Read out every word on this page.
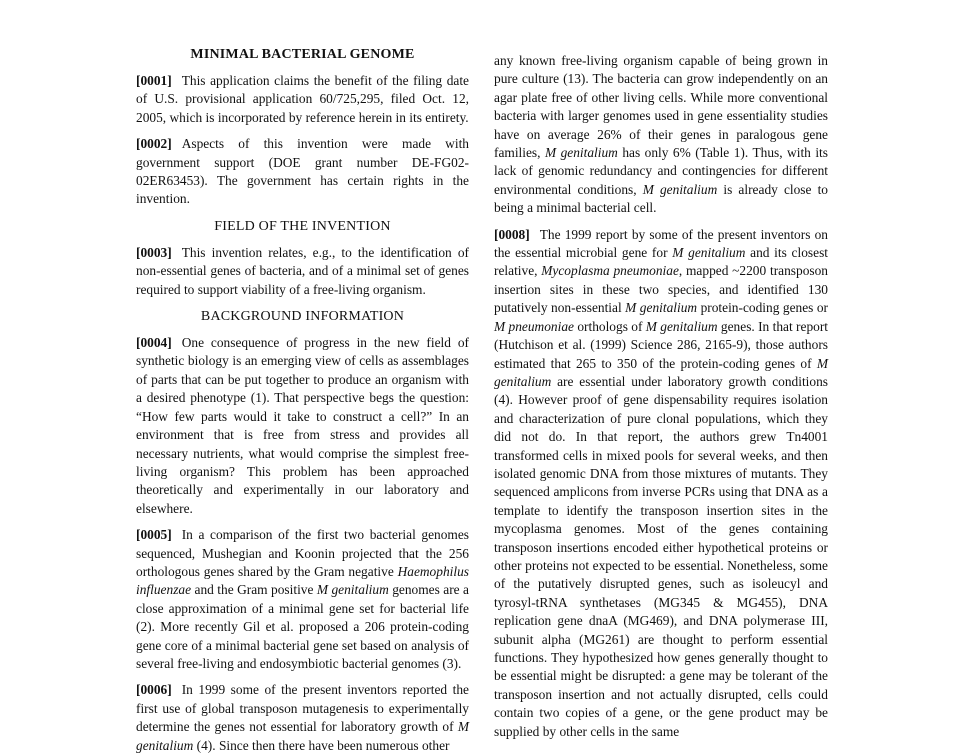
MINIMAL BACTERIAL GENOME

[0001] This application claims the benefit of the filing date of U.S. provisional application 60/725,295, filed Oct. 12, 2005, which is incorporated by reference herein in its entirety.

[0002] Aspects of this invention were made with government support (DOE grant number DE-FG02-02ER63453). The government has certain rights in the invention.

FIELD OF THE INVENTION

[0003] This invention relates, e.g., to the identification of non-essential genes of bacteria, and of a minimal set of genes required to support viability of a free-living organism.

BACKGROUND INFORMATION

[0004] One consequence of progress in the new field of synthetic biology is an emerging view of cells as assemblages of parts that can be put together to produce an organism with a desired phenotype (1). That perspective begs the question: “How few parts would it take to construct a cell?” In an environment that is free from stress and provides all necessary nutrients, what would comprise the simplest free-living organism? This problem has been approached theoretically and experimentally in our laboratory and elsewhere.

[0005] In a comparison of the first two bacterial genomes sequenced, Mushegian and Koonin projected that the 256 orthologous genes shared by the Gram negative Haemophilus influenzae and the Gram positive M genitalium genomes are a close approximation of a minimal gene set for bacterial life (2). More recently Gil et al. proposed a 206 protein-coding gene core of a minimal bacterial gene set based on analysis of several free-living and endosymbiotic bacterial genomes (3).

[0006] In 1999 some of the present inventors reported the first use of global transposon mutagenesis to experimentally determine the genes not essential for laboratory growth of M genitalium (4). Since then there have been numerous other

any known free-living organism capable of being grown in pure culture (13). The bacteria can grow independently on an agar plate free of other living cells. While more conventional bacteria with larger genomes used in gene essentiality studies have on average 26% of their genes in paralogous gene families, M genitalium has only 6% (Table 1). Thus, with its lack of genomic redundancy and contingencies for different environmental conditions, M genitalium is already close to being a minimal bacterial cell.

[0008] The 1999 report by some of the present inventors on the essential microbial gene for M genitalium and its closest relative, Mycoplasma pneumoniae, mapped ~2200 transposon insertion sites in these two species, and identified 130 putatively non-essential M genitalium protein-coding genes or M pneumoniae orthologs of M genitalium genes. In that report (Hutchison et al. (1999) Science 286, 2165-9), those authors estimated that 265 to 350 of the protein-coding genes of M genitalium are essential under laboratory growth conditions (4). However proof of gene dispensability requires isolation and characterization of pure clonal populations, which they did not do. In that report, the authors grew Tn4001 transformed cells in mixed pools for several weeks, and then isolated genomic DNA from those mixtures of mutants. They sequenced amplicons from inverse PCRs using that DNA as a template to identify the transposon insertion sites in the mycoplasma genomes. Most of the genes containing transposon insertions encoded either hypothetical proteins or other proteins not expected to be essential. Nonetheless, some of the putatively disrupted genes, such as isoleucyl and tyrosyl-tRNA synthetases (MG345 & MG455), DNA replication gene dnaA (MG469), and DNA polymerase III, subunit alpha (MG261) are thought to perform essential functions. They hypothesized how genes generally thought to be essential might be disrupted: a gene may be tolerant of the transposon insertion and not actually disrupted, cells could contain two copies of a gene, or the gene product may be supplied by other cells in the same
